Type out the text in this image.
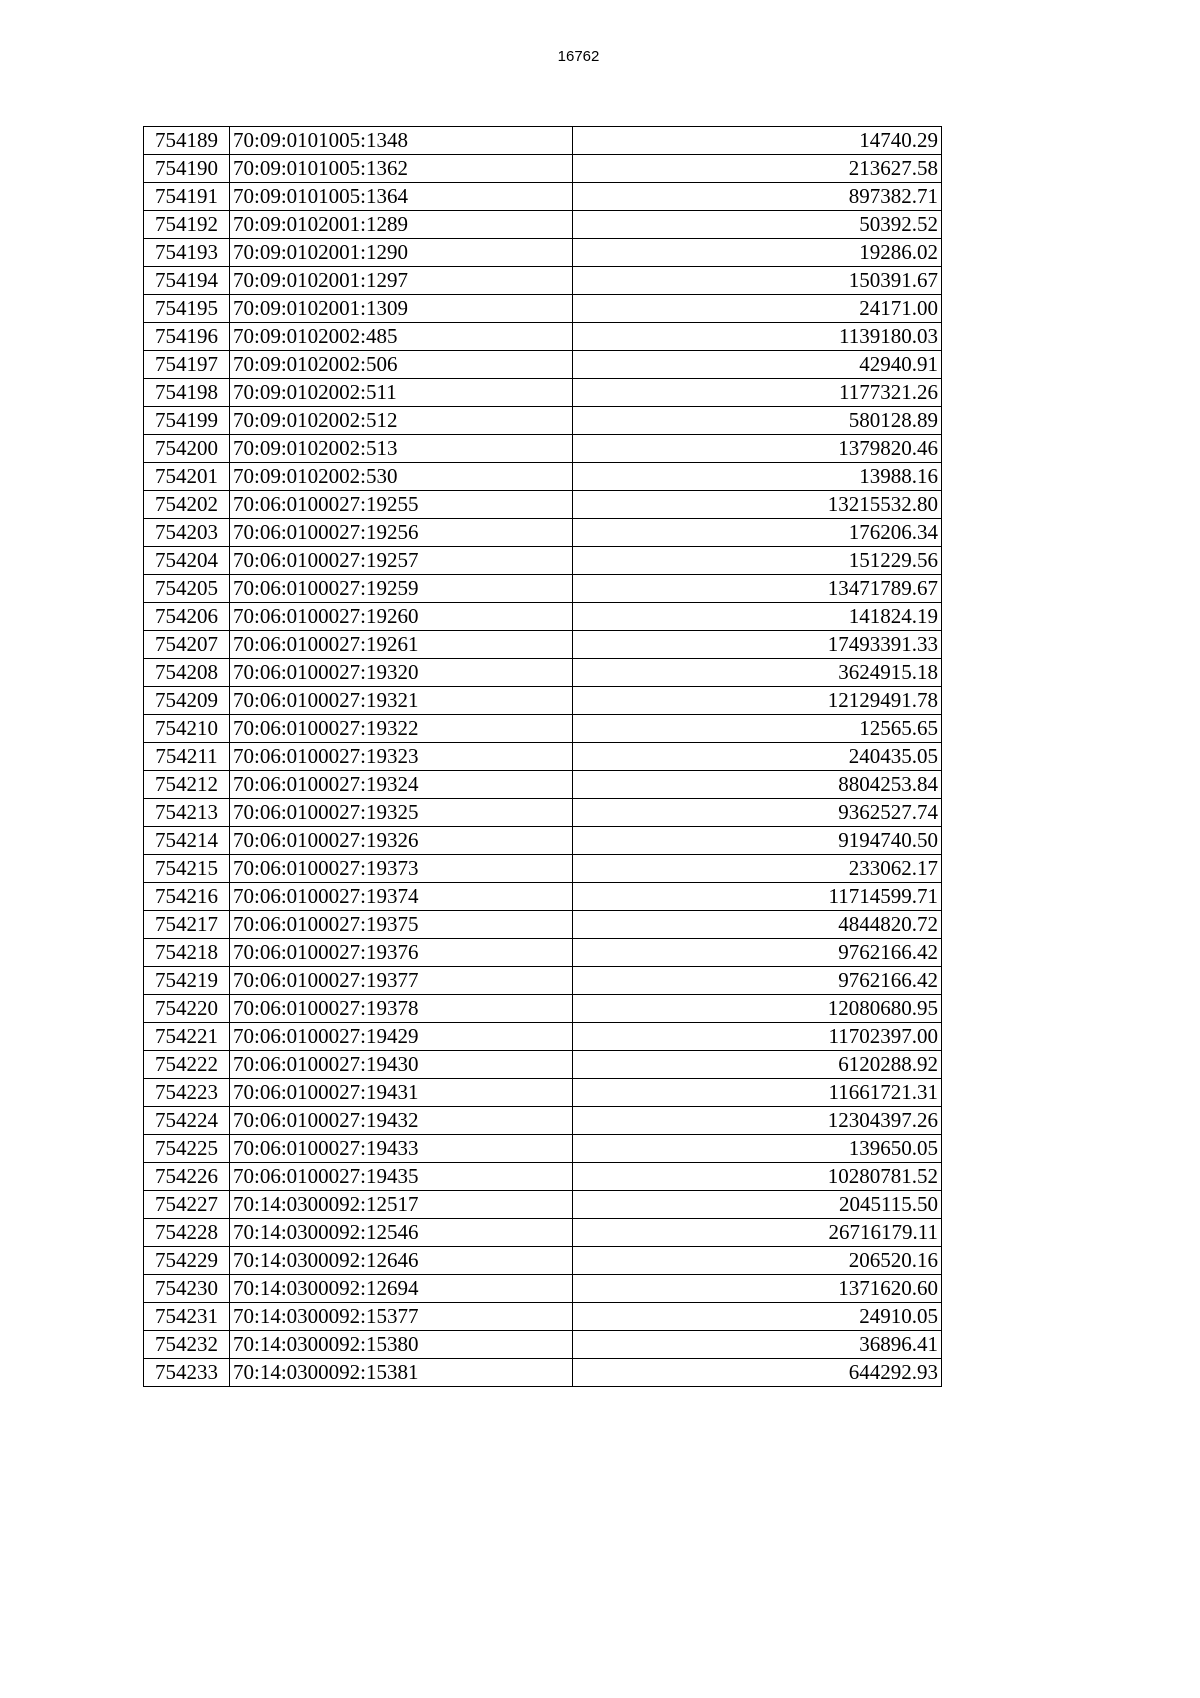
16762
754189	70:09:0101005:1348	14740.29
754190	70:09:0101005:1362	213627.58
754191	70:09:0101005:1364	897382.71
754192	70:09:0102001:1289	50392.52
754193	70:09:0102001:1290	19286.02
754194	70:09:0102001:1297	150391.67
754195	70:09:0102001:1309	24171.00
754196	70:09:0102002:485	1139180.03
754197	70:09:0102002:506	42940.91
754198	70:09:0102002:511	1177321.26
754199	70:09:0102002:512	580128.89
754200	70:09:0102002:513	1379820.46
754201	70:09:0102002:530	13988.16
754202	70:06:0100027:19255	13215532.80
754203	70:06:0100027:19256	176206.34
754204	70:06:0100027:19257	151229.56
754205	70:06:0100027:19259	13471789.67
754206	70:06:0100027:19260	141824.19
754207	70:06:0100027:19261	17493391.33
754208	70:06:0100027:19320	3624915.18
754209	70:06:0100027:19321	12129491.78
754210	70:06:0100027:19322	12565.65
754211	70:06:0100027:19323	240435.05
754212	70:06:0100027:19324	8804253.84
754213	70:06:0100027:19325	9362527.74
754214	70:06:0100027:19326	9194740.50
754215	70:06:0100027:19373	233062.17
754216	70:06:0100027:19374	11714599.71
754217	70:06:0100027:19375	4844820.72
754218	70:06:0100027:19376	9762166.42
754219	70:06:0100027:19377	9762166.42
754220	70:06:0100027:19378	12080680.95
754221	70:06:0100027:19429	11702397.00
754222	70:06:0100027:19430	6120288.92
754223	70:06:0100027:19431	11661721.31
754224	70:06:0100027:19432	12304397.26
754225	70:06:0100027:19433	139650.05
754226	70:06:0100027:19435	10280781.52
754227	70:14:0300092:12517	2045115.50
754228	70:14:0300092:12546	26716179.11
754229	70:14:0300092:12646	206520.16
754230	70:14:0300092:12694	1371620.60
754231	70:14:0300092:15377	24910.05
754232	70:14:0300092:15380	36896.41
754233	70:14:0300092:15381	644292.93
